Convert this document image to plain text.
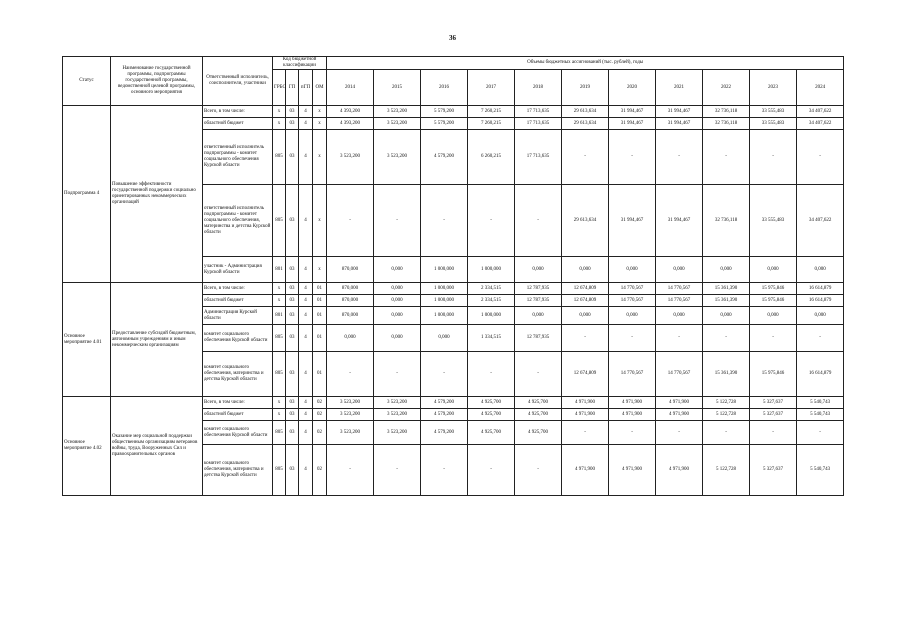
36
Статус	Наименование государственной программы, подпрограммы государственной программы, ведомственной целевой программы, основного мероприятия	Ответственный исполнитель, соисполнители, участники	Код бюджетной классификации				Объемы бюджетных ассигнований (тыс. рублей), годы										
			ГРБС	ГП	пГП	ОМ	2014	2015	2016	2017	2018	2019	2020	2021	2022	2023	2024
Подпрограмма 4	Повышение эффективности государственной поддержки социально ориентированных некоммерческих организаций	Всего, в том числе:	x	03	4	x	4 393,200	3 523,200	5 579,200	7 260,215	17 713,635	29 613,634	31 994,467	31 994,467	32 736,118	33 555,483	34 407,622
		областной бюджет	x	03	4	x	4 393,200	3 523,200	5 579,200	7 260,215	17 713,635	29 613,634	31 994,467	31 994,467	32 736,118	33 555,483	34 407,622
		ответственный исполнитель подпрограммы - комитет социального обеспечения Курской области	805	03	4	x	3 523,200	3 523,200	4 579,200	6 260,215	17 713,635	-	-	-	-	-	-
		ответственный исполнитель подпрограммы - комитет социального обеспечения, материнства и детства Курской области	805	03	4	x	-	-	-	-	-	29 613,634	31 994,467	31 994,467	32 736,118	33 555,483	34 407,622
		участник - Администрация Курской области	801	03	4	x	870,000	0,000	1 000,000	1 000,000	0,000	0,000	0,000	0,000	0,000	0,000	0,000
Основное мероприятие 4.01	Предоставление субсидий бюджетным, автономным учреждениям и иным некоммерческим организациям	Всего, в том числе:	x	03	4	01	870,000	0,000	1 000,000	2 334,515	12 787,935	12 674,809	14 770,567	14 770,567	15 361,390	15 975,846	16 614,879
		областной бюджет	x	03	4	01	870,000	0,000	1 000,000	2 334,515	12 787,935	12 674,809	14 770,567	14 770,567	15 361,390	15 975,846	16 614,879
		Администрация Курской области	801	03	4	01	870,000	0,000	1 000,000	1 000,000	0,000	0,000	0,000	0,000	0,000	0,000	0,000
		комитет социального обеспечения Курской области	805	03	4	01	0,000	0,000	0,000	1 334,515	12 787,935	-	-	-	-	-	-
		комитет социального обеспечения, материнства и детства Курской области	805	03	4	01	-	-	-	-	-	12 674,809	14 770,567	14 770,567	15 361,390	15 975,846	16 614,879
Основное мероприятие 4.02	Оказание мер социальной поддержки общественным организациям ветеранов войны, труда, Вооруженных Сил и правоохранительных органов	Всего, в том числе:	x	03	4	02	3 523,200	3 523,200	4 579,200	4 925,700	4 925,700	4 971,900	4 971,900	4 971,900	5 122,728	5 327,637	5 540,743
		областной бюджет	x	03	4	02	3 523,200	3 523,200	4 579,200	4 925,700	4 925,700	4 971,900	4 971,900	4 971,900	5 122,728	5 327,637	5 540,743
		комитет социального обеспечения Курской области	805	03	4	02	3 523,200	3 523,200	4 579,200	4 925,700	4 925,700	-	-	-	-	-	-
		комитет социального обеспечения, материнства и детства Курской области	805	03	4	02	-	-	-	-	-	4 971,900	4 971,900	4 971,900	5 122,728	5 327,637	5 540,743
